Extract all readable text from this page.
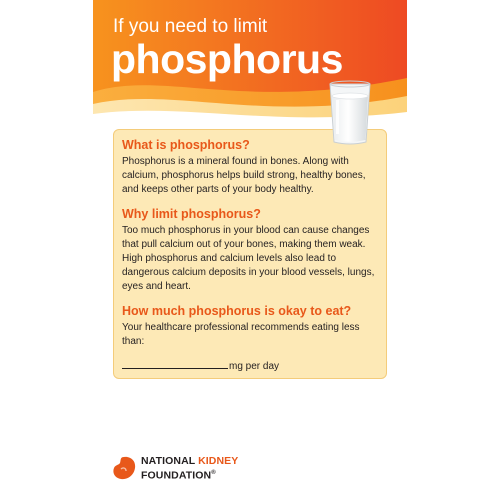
If you need to limit
phosphorus

What is phosphorus?

Phosphorus is a mineral found in bones. Along with calcium, phosphorus helps build strong, healthy bones, and keeps other parts of your body healthy.

Why limit phosphorus?

Too much phosphorus in your blood can cause changes that pull calcium out of your bones, making them weak. High phosphorus and calcium levels also lead to dangerous calcium deposits in your blood vessels, lungs, eyes and heart.

How much phosphorus is okay to eat?

Your healthcare professional recommends eating less than:

mg per day
NATIONAL KIDNEY
FOUNDATION®
